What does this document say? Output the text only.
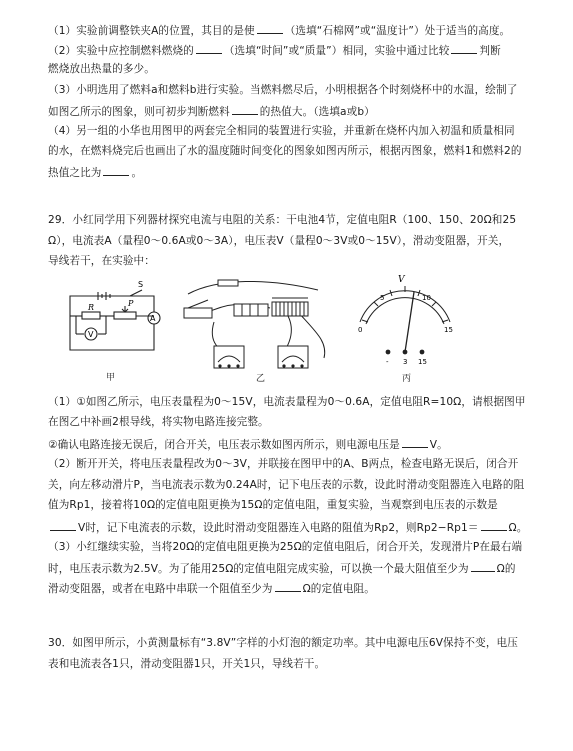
（1）实验前调整铁夹A的位置，其目的是使	（选填“石棉网”或“温度计”）处于适当的高度。
（2）实验中应控制燃料燃烧的	（选填“时间”或“质量”）相同，实验中通过比较	判断
燃烧放出热量的多少。
（3）小明选用了燃料a和燃料b进行实验。当燃料燃尽后，小明根据各个时刻烧杯中的水温，绘制了
如图乙所示的图象，则可初步判断燃料	的热值大。（选填a或b）
（4）另一组的小华也用图甲的两套完全相同的装置进行实验，并重新在烧杯内加入初温和质量相同
的水，在燃料烧完后也画出了水的温度随时间变化的图象如图丙所示，根据丙图象，燃料1和燃料2的
热值之比为	。
29．小红同学用下列器材探究电流与电阻的关系：干电池4节，定值电阻R（100、150、20Ω和25
Ω），电流表A（量程0～0.6A或0～3A），电压表V（量程0～3V或0～15V），滑动变阻器，开关，
导线若干，在实验中：
A
V
R	P
S
甲	乙
V
0
5	10
15
- 3 15
丙
（1）①如图乙所示，电压表量程为0～15V，电流表量程为0～0.6A，定值电阻R=10Ω，请根据图甲
在图乙中补画2根导线，将实物电路连接完整。
②确认电路连接无误后，闭合开关，电压表示数如图丙所示，则电源电压是	V。
（2）断开开关，将电压表量程改为0～3V，并联接在图甲中的A、B两点，检查电路无误后，闭合开
关，向左移动滑片P，当电流表示数为0.24A时，记下电压表的示数，设此时滑动变阻器连入电路的阻
值为Rp1，接着将10Ω的定值电阻更换为15Ω的定值电阻，重复实验，当观察到电压表的示数是
V时，记下电流表的示数，设此时滑动变阻器连入电路的阻值为Rp2，则Rp2−Rp1＝	Ω。
（3）小红继续实验，当将20Ω的定值电阻更换为25Ω的定值电阻后，闭合开关，发现滑片P在最右端
时，电压表示数为2.5V。为了能用25Ω的定值电阻完成实验，可以换一个最大阻值至少为	Ω的
滑动变阻器，或者在电路中串联一个阻值至少为	Ω的定值电阻。
30．如图甲所示，小黄测量标有“3.8V”字样的小灯泡的额定功率。其中电源电压6V保持不变，电压
表和电流表各1只，滑动变阻器1只，开关1只，导线若干。
